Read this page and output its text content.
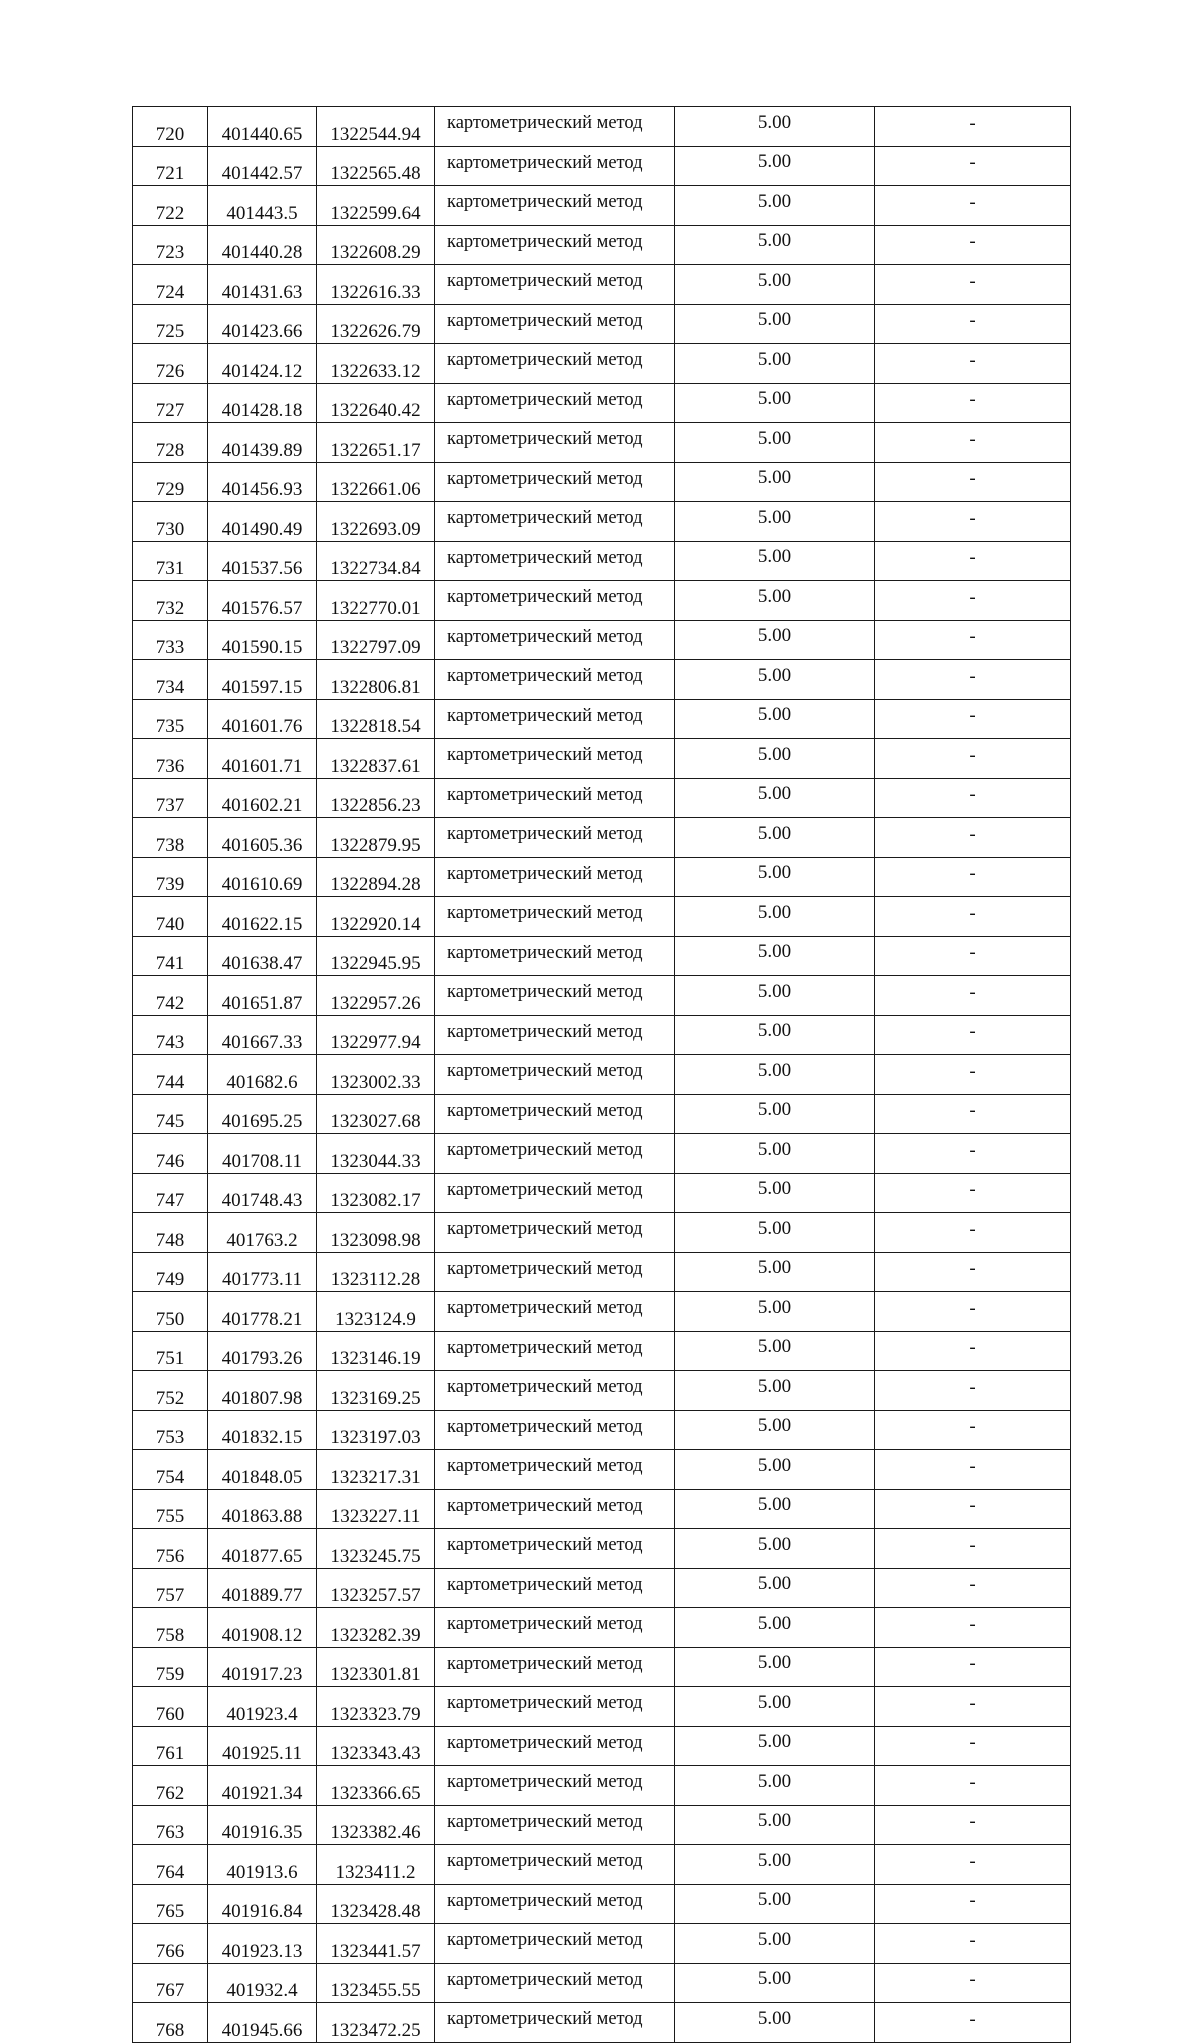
720	401440.65	1322544.94	картометрический метод	5.00	-
721	401442.57	1322565.48	картометрический метод	5.00	-
722	401443.5	1322599.64	картометрический метод	5.00	-
723	401440.28	1322608.29	картометрический метод	5.00	-
724	401431.63	1322616.33	картометрический метод	5.00	-
725	401423.66	1322626.79	картометрический метод	5.00	-
726	401424.12	1322633.12	картометрический метод	5.00	-
727	401428.18	1322640.42	картометрический метод	5.00	-
728	401439.89	1322651.17	картометрический метод	5.00	-
729	401456.93	1322661.06	картометрический метод	5.00	-
730	401490.49	1322693.09	картометрический метод	5.00	-
731	401537.56	1322734.84	картометрический метод	5.00	-
732	401576.57	1322770.01	картометрический метод	5.00	-
733	401590.15	1322797.09	картометрический метод	5.00	-
734	401597.15	1322806.81	картометрический метод	5.00	-
735	401601.76	1322818.54	картометрический метод	5.00	-
736	401601.71	1322837.61	картометрический метод	5.00	-
737	401602.21	1322856.23	картометрический метод	5.00	-
738	401605.36	1322879.95	картометрический метод	5.00	-
739	401610.69	1322894.28	картометрический метод	5.00	-
740	401622.15	1322920.14	картометрический метод	5.00	-
741	401638.47	1322945.95	картометрический метод	5.00	-
742	401651.87	1322957.26	картометрический метод	5.00	-
743	401667.33	1322977.94	картометрический метод	5.00	-
744	401682.6	1323002.33	картометрический метод	5.00	-
745	401695.25	1323027.68	картометрический метод	5.00	-
746	401708.11	1323044.33	картометрический метод	5.00	-
747	401748.43	1323082.17	картометрический метод	5.00	-
748	401763.2	1323098.98	картометрический метод	5.00	-
749	401773.11	1323112.28	картометрический метод	5.00	-
750	401778.21	1323124.9	картометрический метод	5.00	-
751	401793.26	1323146.19	картометрический метод	5.00	-
752	401807.98	1323169.25	картометрический метод	5.00	-
753	401832.15	1323197.03	картометрический метод	5.00	-
754	401848.05	1323217.31	картометрический метод	5.00	-
755	401863.88	1323227.11	картометрический метод	5.00	-
756	401877.65	1323245.75	картометрический метод	5.00	-
757	401889.77	1323257.57	картометрический метод	5.00	-
758	401908.12	1323282.39	картометрический метод	5.00	-
759	401917.23	1323301.81	картометрический метод	5.00	-
760	401923.4	1323323.79	картометрический метод	5.00	-
761	401925.11	1323343.43	картометрический метод	5.00	-
762	401921.34	1323366.65	картометрический метод	5.00	-
763	401916.35	1323382.46	картометрический метод	5.00	-
764	401913.6	1323411.2	картометрический метод	5.00	-
765	401916.84	1323428.48	картометрический метод	5.00	-
766	401923.13	1323441.57	картометрический метод	5.00	-
767	401932.4	1323455.55	картометрический метод	5.00	-
768	401945.66	1323472.25	картометрический метод	5.00	-
